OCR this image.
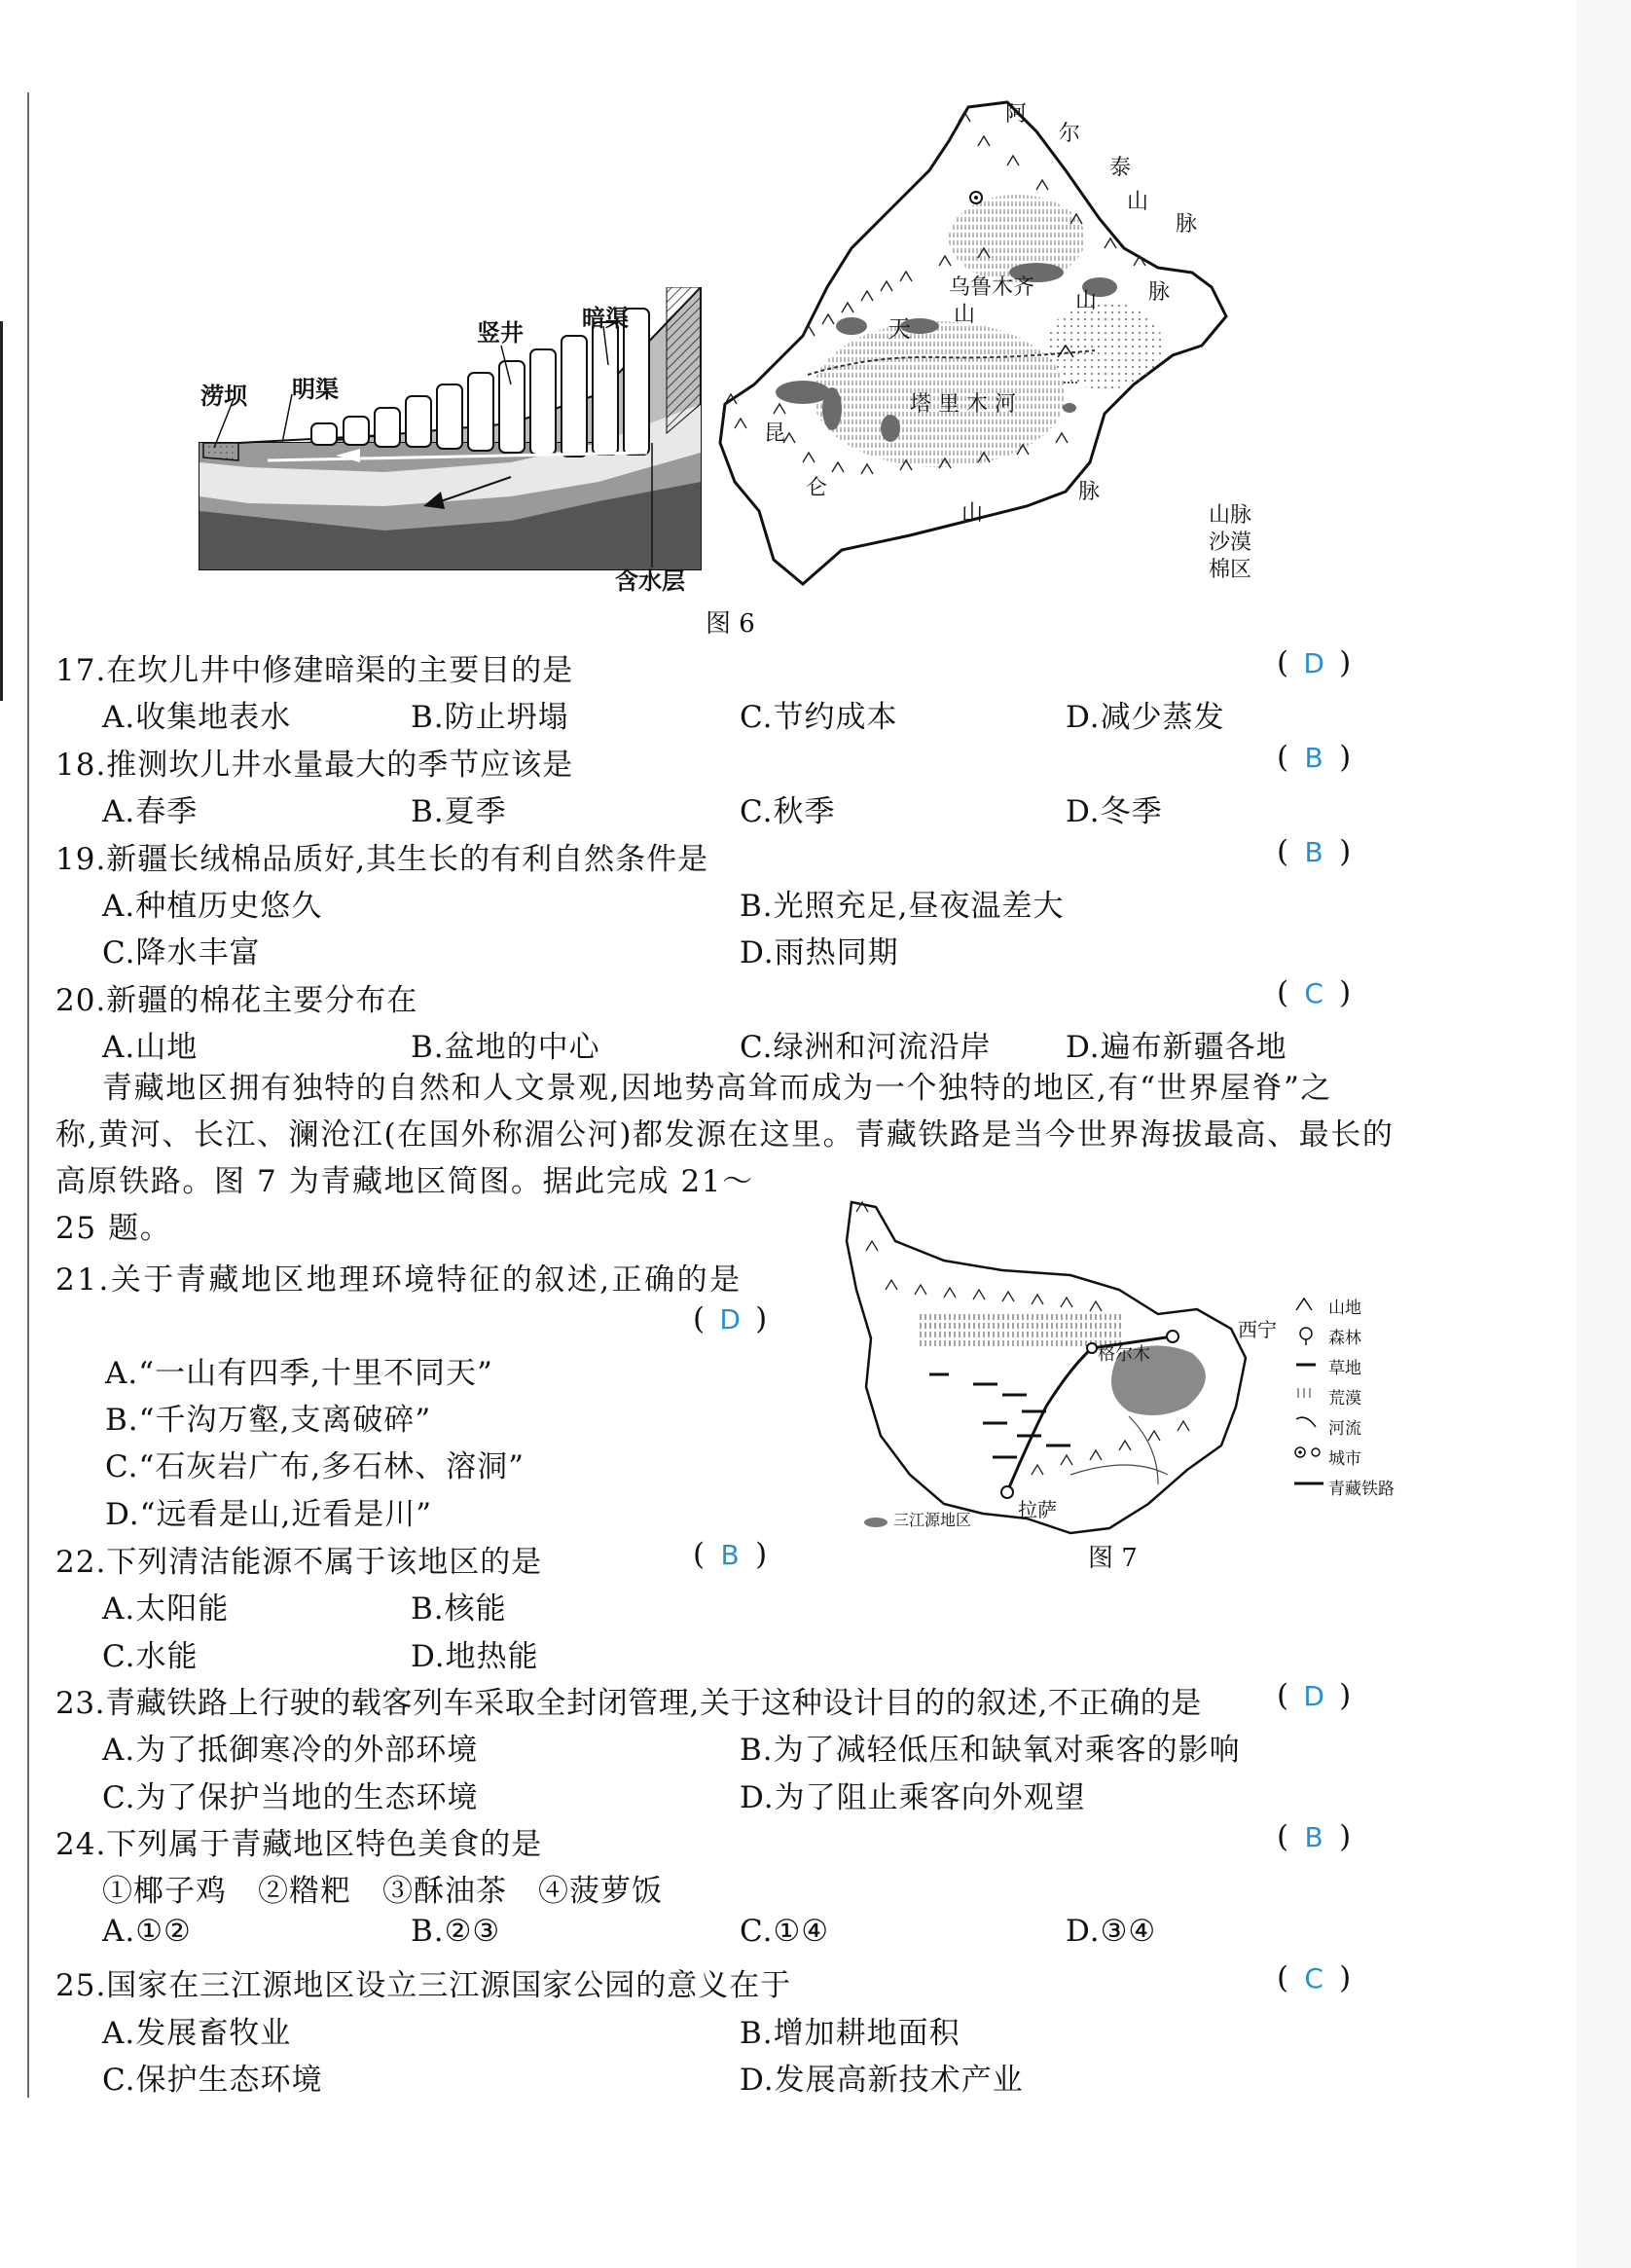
涝坝 明渠
竖井
暗渠
含水层
阿
尔
泰
山
脉
天
山
山 脉
乌鲁木齐
塔 里 木 河
昆
仑
山
脉
山脉
沙漠
棉区
图 6
17.在坎儿井中修建暗渠的主要目的是	( D )
A.收集地表水	B.防止坍塌	C.节约成本	D.减少蒸发
18.推测坎儿井水量最大的季节应该是	( B )
A.春季	B.夏季	C.秋季	D.冬季
19.新疆长绒棉品质好,其生长的有利自然条件是	( B )
A.种植历史悠久	B.光照充足,昼夜温差大
C.降水丰富	D.雨热同期
20.新疆的棉花主要分布在	( C )
A.山地	B.盆地的中心	C.绿洲和河流沿岸 D.遍布新疆各地
青藏地区拥有独特的自然和人文景观,因地势高耸而成为一个独特的地区,有“世界屋脊”之
称,黄河、长江、澜沧江(在国外称湄公河)都发源在这里。青藏铁路是当今世界海拔最高、最长的
高原铁路。图 7 为青藏地区简图。据此完成 21～
25 题。
西宁
格尔木
拉萨
三江源地区
山地
森林
草地
荒漠
河流
城市
青藏铁路
图 7
21.关于青藏地区地理环境特征的叙述,正确的是
( D )
A.“一山有四季,十里不同天”
B.“千沟万壑,支离破碎”
C.“石灰岩广布,多石林、溶洞”
D.“远看是山,近看是川”
22.下列清洁能源不属于该地区的是	( B )
A.太阳能	B.核能
C.水能	D.地热能
23.青藏铁路上行驶的载客列车采取全封闭管理,关于这种设计目的的叙述,不正确的是 ( D )
A.为了抵御寒冷的外部环境	B.为了减轻低压和缺氧对乘客的影响
C.为了保护当地的生态环境	D.为了阻止乘客向外观望
24.下列属于青藏地区特色美食的是	( B )
①椰子鸡　②糌粑　③酥油茶　④菠萝饭
A.①②	B.②③	C.①④	D.③④
25.国家在三江源地区设立三江源国家公园的意义在于	( C )
A.发展畜牧业	B.增加耕地面积
C.保护生态环境	D.发展高新技术产业
